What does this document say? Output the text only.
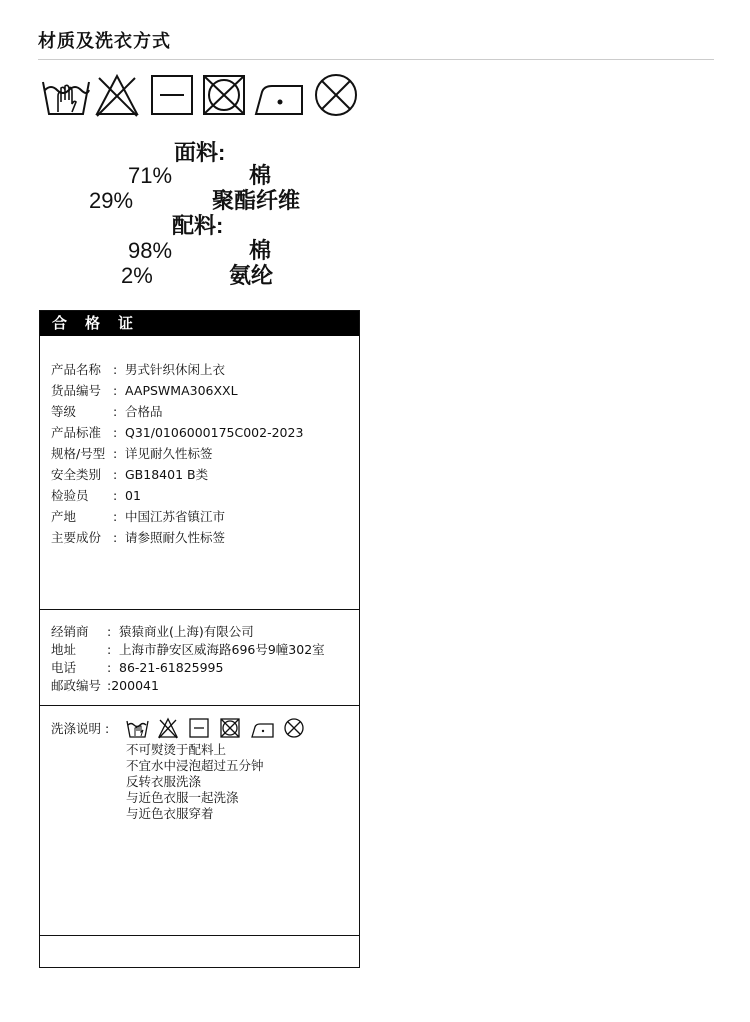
材质及洗衣方式
面料:
71%	棉
29%	聚酯纤维
配料:
98%	棉
2%	氨纶
合 格 证
产品名称 : 男式针织休闲上衣
货品编号 : AAPSWMA306XXL
等级	: 合格品
产品标准 : Q31/0106000175C002-2023
规格/号型 : 详见耐久性标签
安全类别 : GB18401 B类
检验员 : 01
产地	: 中国江苏省镇江市
主要成份 : 请参照耐久性标签
经销商 : 猿猿商业(上海)有限公司
地址 : 上海市静安区威海路696号9幢302室
电话 : 86-21-61825995
邮政编号 :200041
洗涤说明 :
不可熨烫于配料上
不宜水中浸泡超过五分钟
反转衣服洗涤
与近色衣服一起洗涤
与近色衣服穿着
